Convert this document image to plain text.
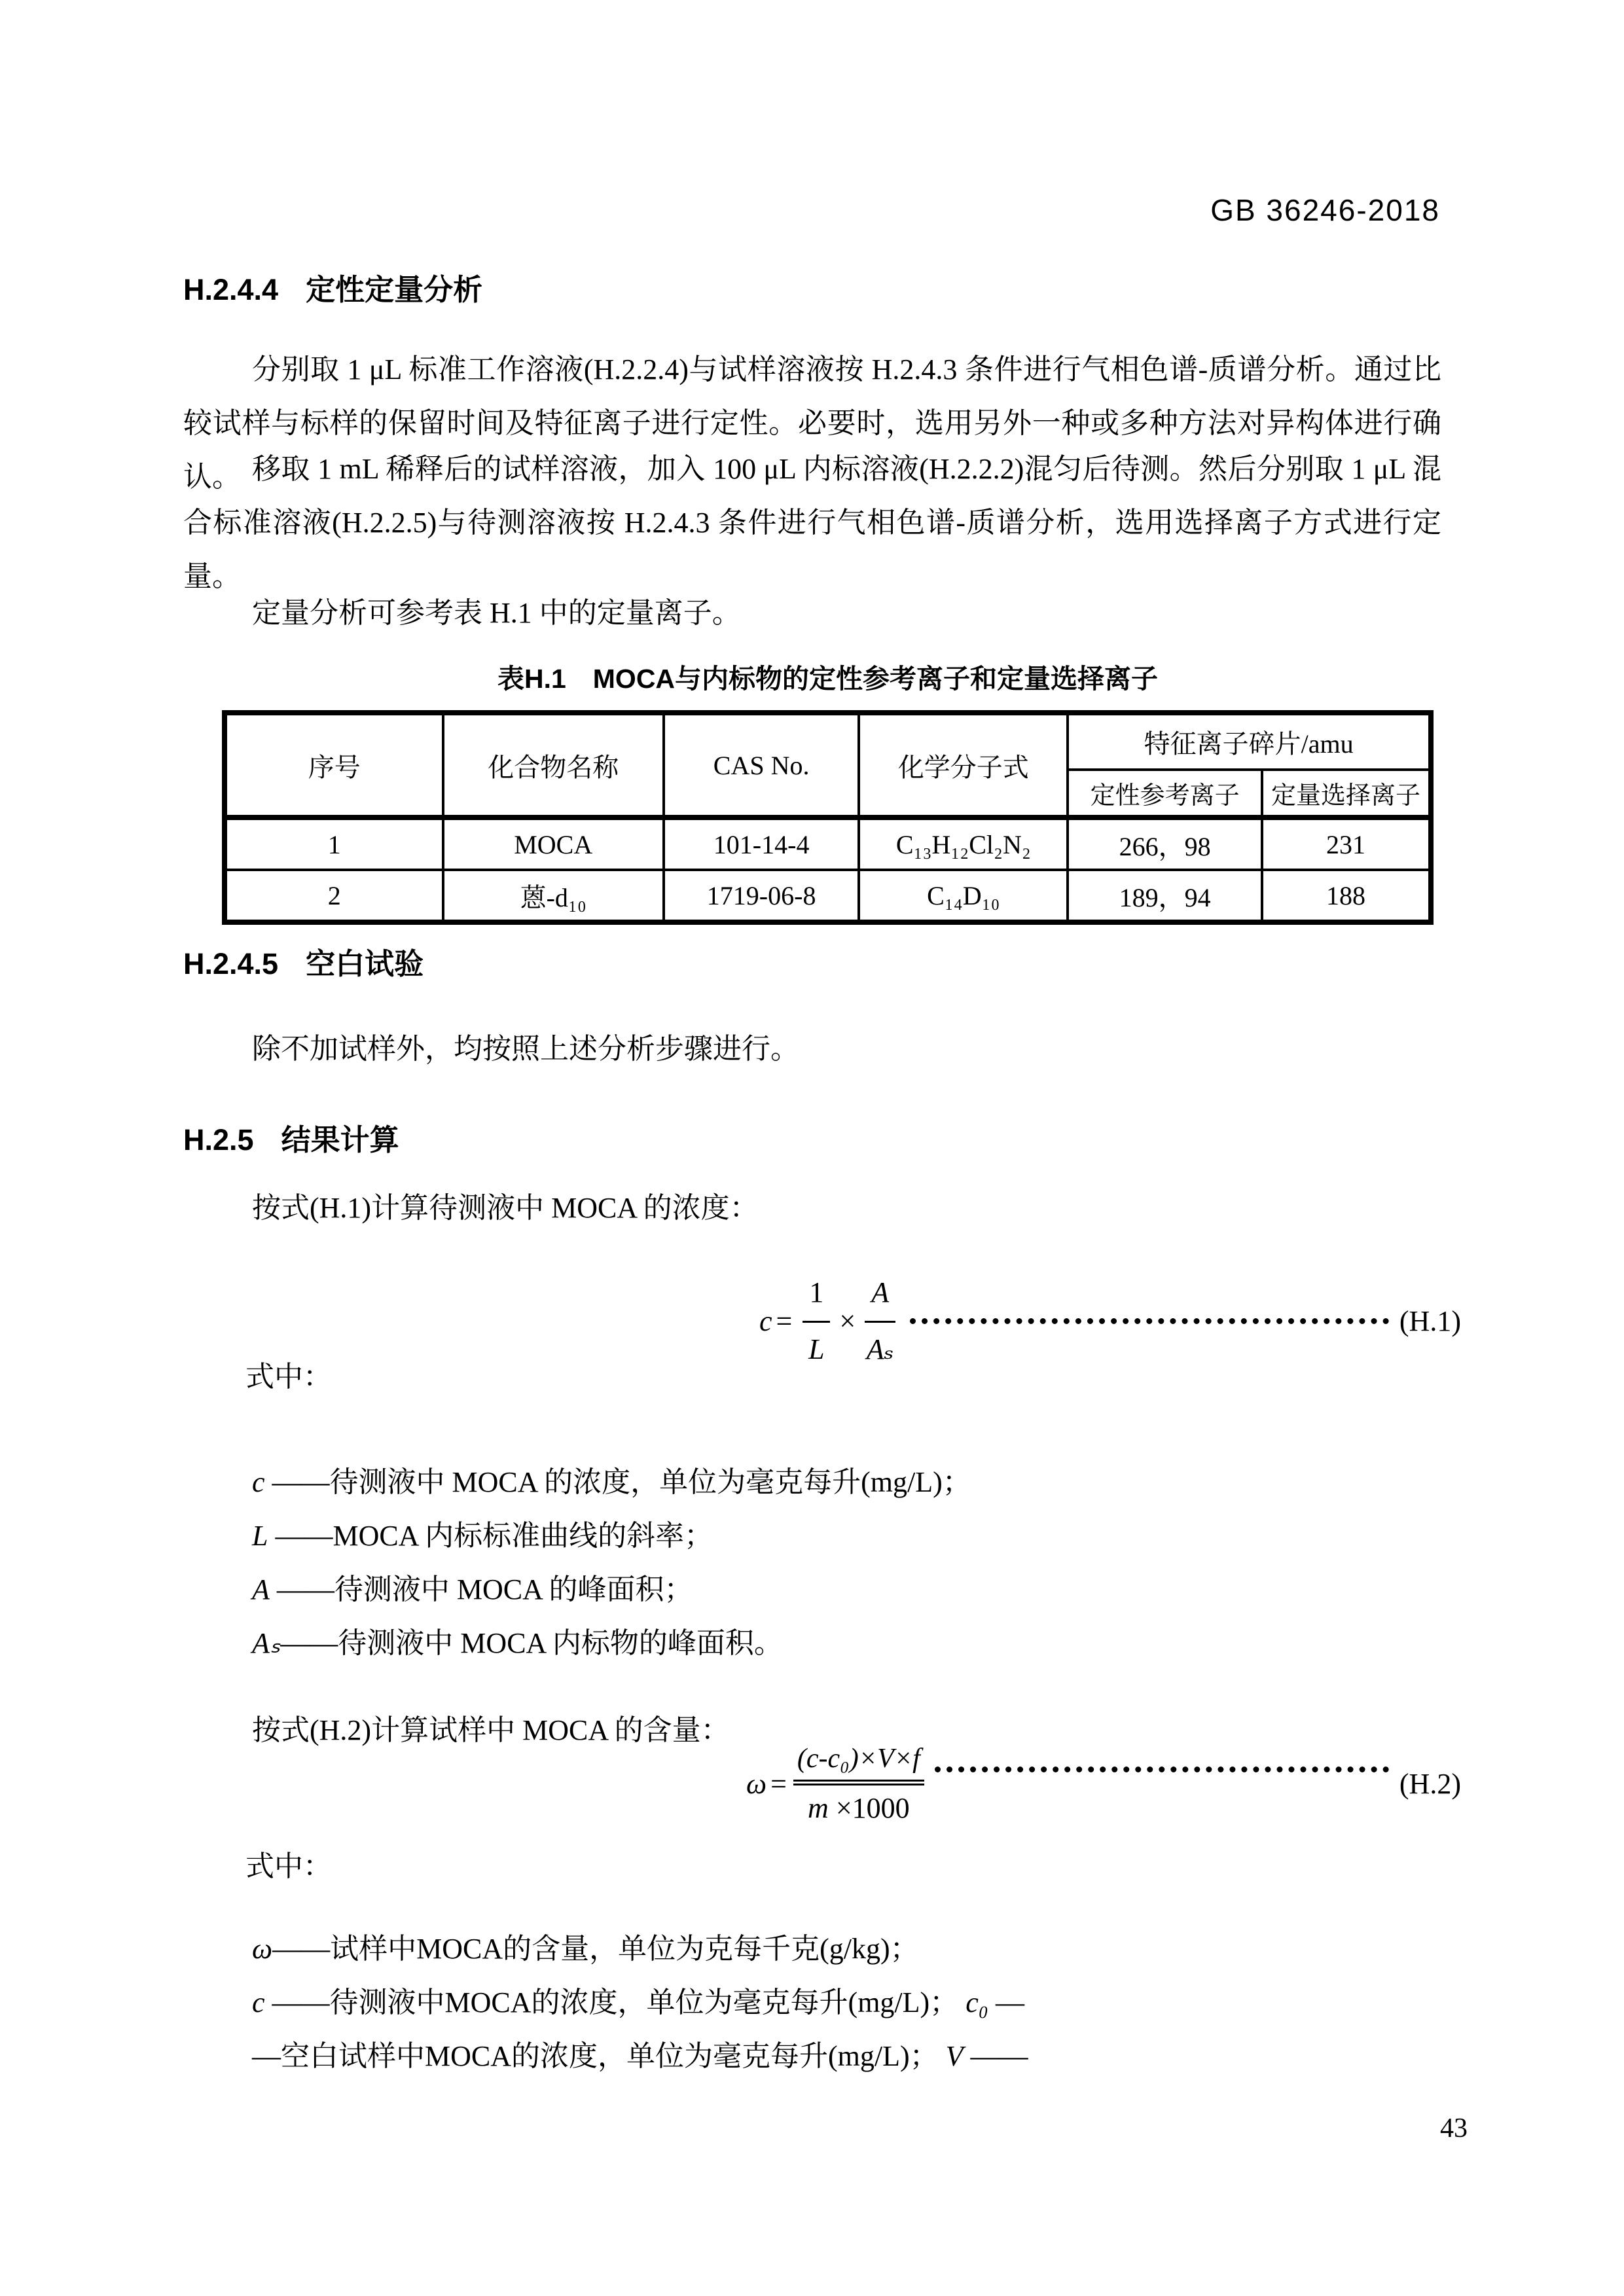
GB 36246-2018
H.2.4.4 定性定量分析

分别取 1 μL 标准工作溶液(H.2.2.4)与试样溶液按 H.2.4.3 条件进行气相色谱-质谱分析。通过比较试样与标样的保留时间及特征离子进行定性。必要时，选用另外一种或多种方法对异构体进行确认。 移取 1 mL 稀释后的试样溶液，加入 100 μL 内标溶液(H.2.2.2)混匀后待测。然后分别取 1 μL 混合标准溶液(H.2.2.5)与待测溶液按 H.2.4.3 条件进行气相色谱-质谱分析，选用选择离子方式进行定量。

定量分析可参考表 H.1 中的定量离子。

表H.1　MOCA与内标物的定性参考离子和定量选择离子
序号	化合物名称	CAS No.	化学分子式	特征离子碎片/amu	
				定性参考离子	定量选择离子
1	MOCA	101-14-4	C₁₃H₁₂Cl₂N₂	266，98	231
2	蒽-d₁₀	1719-06-8	C₁₄D₁₀	189，94	188
H.2.4.5 空白试验

除不加试样外，均按照上述分析步骤进行。

H.2.5 结果计算

按式(H.1)计算待测液中 MOCA 的浓度：

$c = \frac{1}{L} \times \frac{A}{\text{Aₛ}}$	(H.1)

式中：

c ——待测液中 MOCA 的浓度，单位为毫克每升(mg/L)；
L ——MOCA 内标标准曲线的斜率；
A ——待测液中 MOCA 的峰面积；
Aₛ——待测液中 MOCA 内标物的峰面积。

按式(H.2)计算试样中 MOCA 的含量：

ω =
(c-c₀)×V×f
m ×1000
(H.2)

式中：

ω——试样中MOCA的含量，单位为克每千克(g/kg)；
c ——待测液中MOCA的浓度，单位为毫克每升(mg/L)； c₀ —
—空白试样中MOCA的浓度，单位为毫克每升(mg/L)； V ——
43
